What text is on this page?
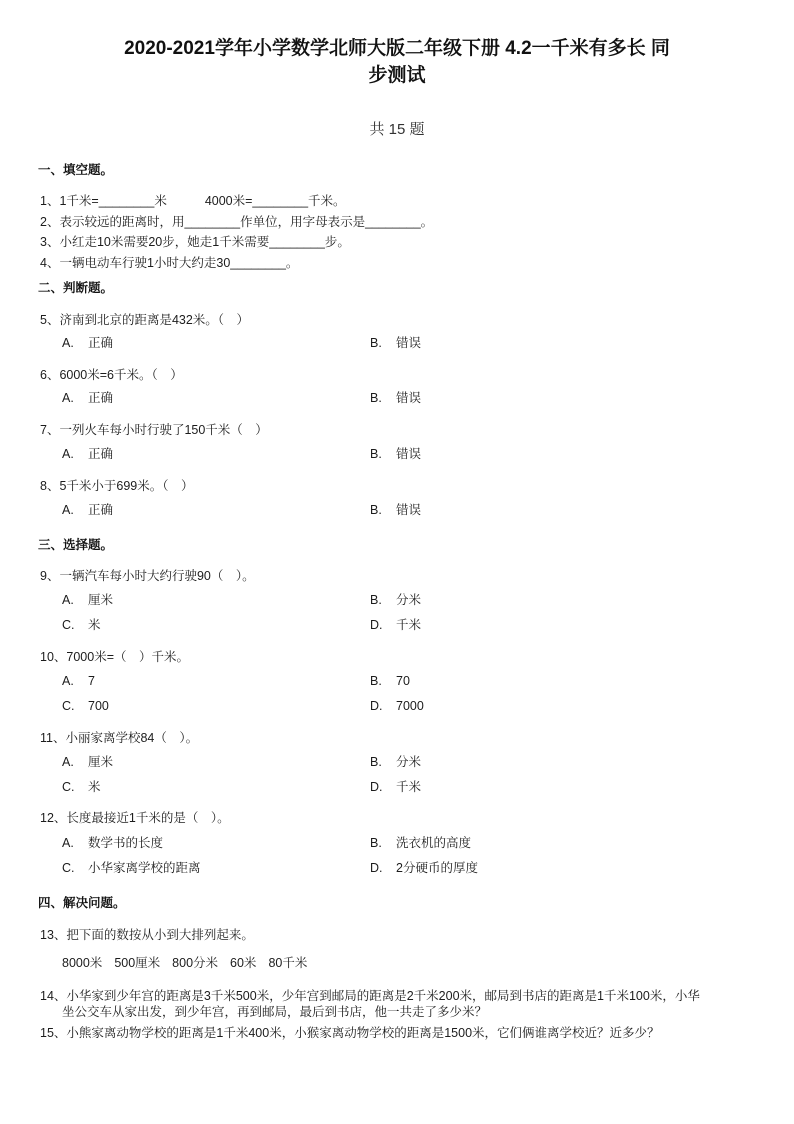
2020-2021学年小学数学北师大版二年级下册 4.2一千米有多长 同
步测试
共 15 题
一、填空题。
1、1千米=________米	4000米=________千米。
2、表示较远的距离时，用________作单位，用字母表示是________。
3、小红走10米需要20步，她走1千米需要________步。
4、一辆电动车行驶1小时大约走30________。
二、判断题。
5、济南到北京的距离是432米。（　）
A. 正确	B. 错误
6、6000米=6千米。（　）
A. 正确	B. 错误
7、一列火车每小时行驶了150千米（　）
A. 正确	B. 错误
8、5千米小于699米。（　）
A. 正确	B. 错误
三、选择题。
9、一辆汽车每小时大约行驶90（　）。
A. 厘米	B. 分米
C. 米	D. 千米
10、7000米=（　）千米。
A. 7	B. 70
C. 700	D. 7000
11、小丽家离学校84（　）。
A. 厘米	B. 分米
C. 米	D. 千米
12、长度最接近1千米的是（　）。
A. 数学书的长度	B. 洗衣机的高度
C. 小华家离学校的距离	D. 2分硬币的厚度
四、解决问题。
13、把下面的数按从小到大排列起来。
8000米 500厘米 800分米 60米 80千米
14、小华家到少年宫的距离是3千米500米，少年宫到邮局的距离是2千米200米，邮局到书店的距离是1千米100米，小华
坐公交车从家出发，到少年宫，再到邮局，最后到书店，他一共走了多少米？
15、小熊家离动物学校的距离是1千米400米，小猴家离动物学校的距离是1500米，它们俩谁离学校近？近多少？
